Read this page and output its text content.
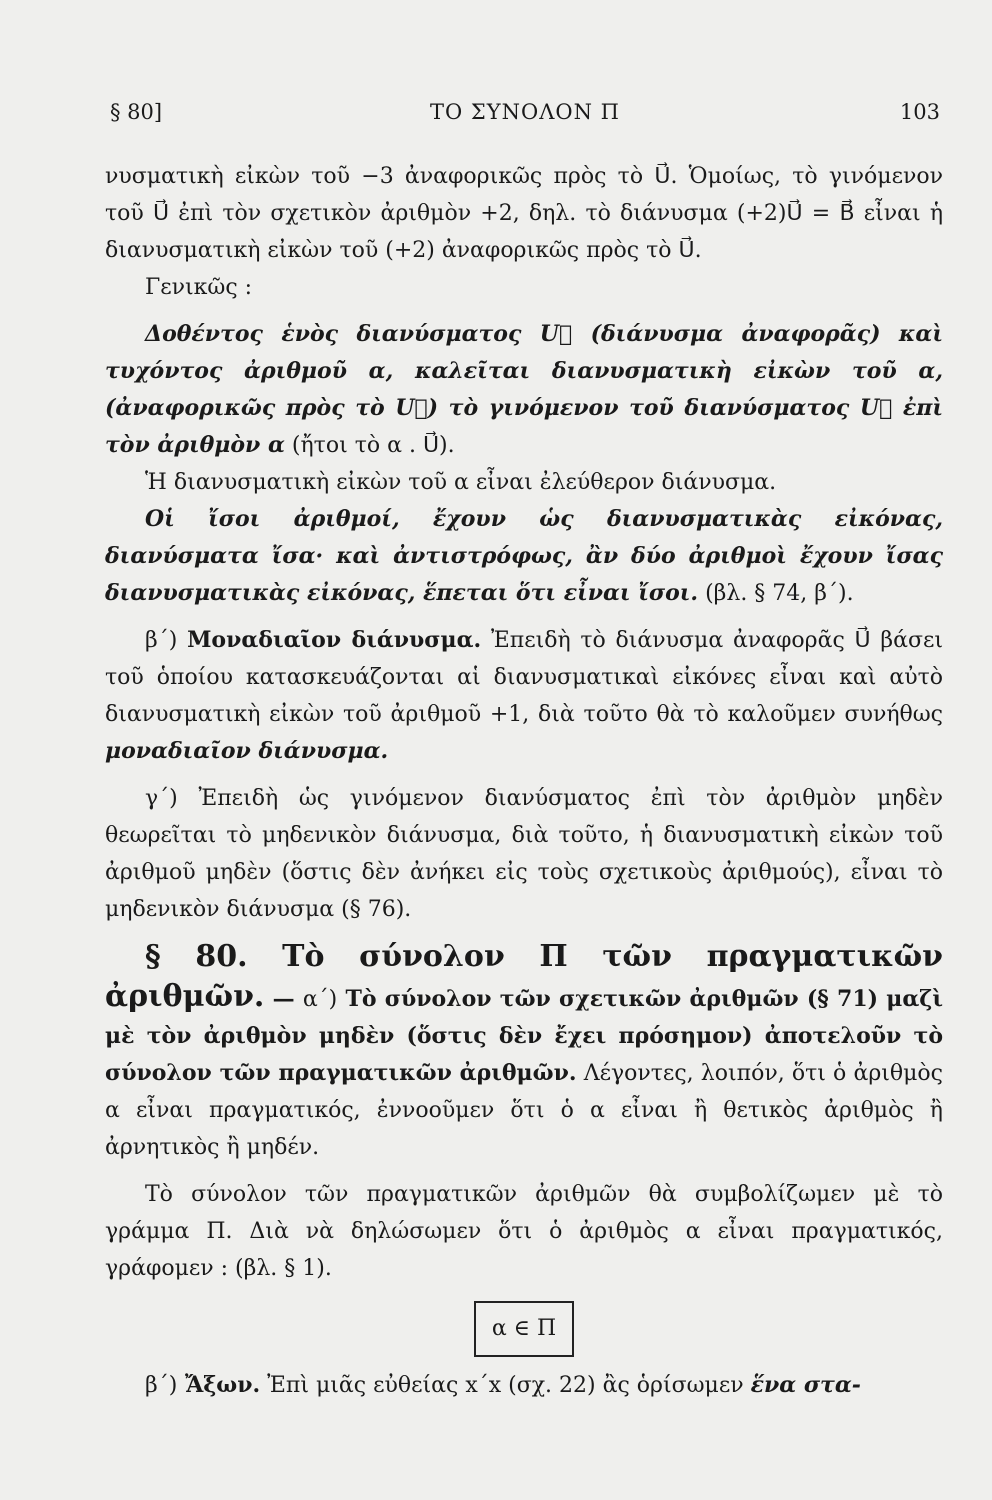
§ 80]	ΤΟ ΣΥΝΟΛΟΝ Π	103

νυσματικὴ εἰκὼν τοῦ −3 ἀναφορικῶς πρὸς τὸ U⃗. Ὁμοίως, τὸ γινόμενον τοῦ U⃗ ἐπὶ τὸν σχετικὸν ἀριθμὸν +2, δηλ. τὸ διάνυσμα (+2)U⃗ = B⃗ εἶναι ἡ διανυσματικὴ εἰκὼν τοῦ (+2) ἀναφορικῶς πρὸς τὸ U⃗.

Γενικῶς :

Δοθέντος ἑνὸς διανύσματος U⃗ (διάνυσμα ἀναφορᾶς) καὶ τυχόντος ἀριθμοῦ α, καλεῖται διανυσματικὴ εἰκὼν τοῦ α, (ἀναφορικῶς πρὸς τὸ U⃗) τὸ γινόμενον τοῦ διανύσματος U⃗ ἐπὶ τὸν ἀριθμὸν α (ἤτοι τὸ α . U⃗).

Ἡ διανυσματικὴ εἰκὼν τοῦ α εἶναι ἐλεύθερον διάνυσμα.

Οἱ ἴσοι ἀριθμοί, ἔχουν ὡς διανυσματικὰς εἰκόνας, διανύσματα ἴσα· καὶ ἀντιστρόφως, ἂν δύο ἀριθμοὶ ἔχουν ἴσας διανυσματικὰς εἰκόνας, ἕπεται ὅτι εἶναι ἴσοι. (βλ. § 74, β΄).

β΄) Μοναδιαῖον διάνυσμα. Ἐπειδὴ τὸ διάνυσμα ἀναφορᾶς U⃗ βάσει τοῦ ὁποίου κατασκευάζονται αἱ διανυσματικαὶ εἰκόνες εἶναι καὶ αὐτὸ διανυσματικὴ εἰκὼν τοῦ ἀριθμοῦ +1, διὰ τοῦτο θὰ τὸ καλοῦμεν συνήθως μοναδιαῖον διάνυσμα.

γ΄) Ἐπειδὴ ὡς γινόμενον διανύσματος ἐπὶ τὸν ἀριθμὸν μηδὲν θεωρεῖται τὸ μηδενικὸν διάνυσμα, διὰ τοῦτο, ἡ διανυσματικὴ εἰκὼν τοῦ ἀριθμοῦ μηδὲν (ὅστις δὲν ἀνήκει εἰς τοὺς σχετικοὺς ἀριθμούς), εἶναι τὸ μηδενικὸν διάνυσμα (§ 76).

§ 80. Τὸ σύνολον Π τῶν πραγματικῶν ἀριθμῶν. — α΄) Τὸ σύνολον τῶν σχετικῶν ἀριθμῶν (§ 71) μαζὶ μὲ τὸν ἀριθμὸν μηδὲν (ὅστις δὲν ἔχει πρόσημον) ἀποτελοῦν τὸ σύνολον τῶν πραγματικῶν ἀριθμῶν. Λέγοντες, λοιπόν, ὅτι ὁ ἀριθμὸς α εἶναι πραγματικός, ἐννοοῦμεν ὅτι ὁ α εἶναι ἢ θετικὸς ἀριθμὸς ἢ ἀρνητικὸς ἢ μηδέν.

Τὸ σύνολον τῶν πραγματικῶν ἀριθμῶν θὰ συμβολίζωμεν μὲ τὸ γράμμα Π. Διὰ νὰ δηλώσωμεν ὅτι ὁ ἀριθμὸς α εἶναι πραγματικός, γράφομεν : (βλ. § 1).

α ∈ Π

β΄) Ἄξων. Ἐπὶ μιᾶς εὐθείας x΄x (σχ. 22) ἂς ὁρίσωμεν ἕνα στα-
